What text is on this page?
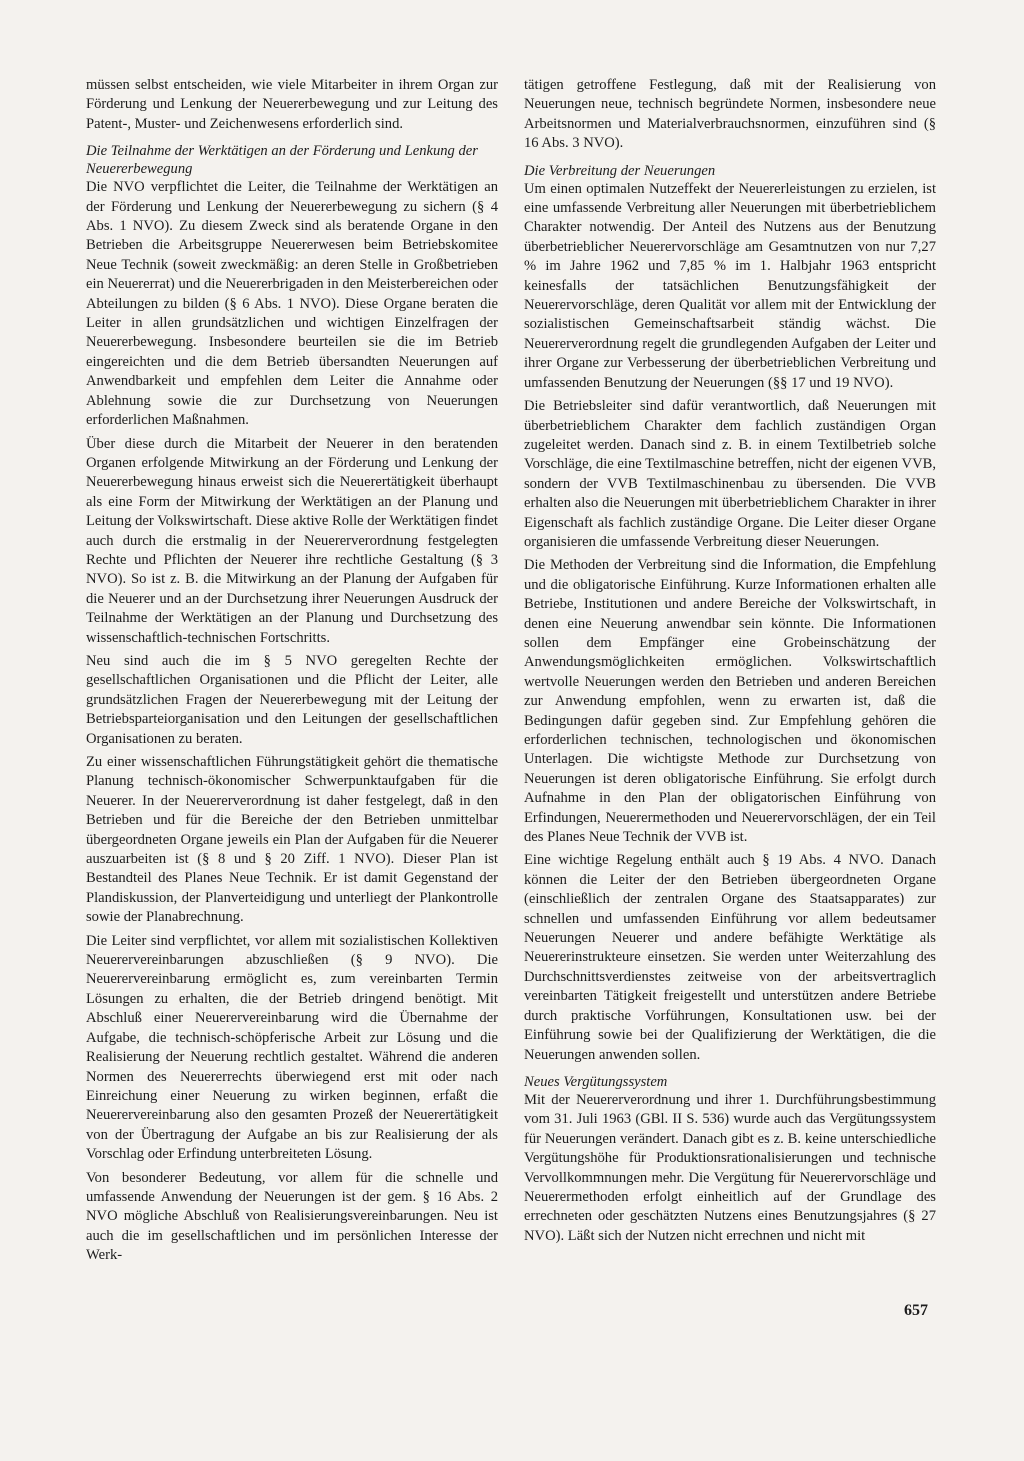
müssen selbst entscheiden, wie viele Mitarbeiter in ihrem Organ zur Förderung und Lenkung der Neuererbewegung und zur Leitung des Patent-, Muster- und Zeichenwesens erforderlich sind.

Die Teilnahme der Werktätigen an der Förderung und Lenkung der Neuererbewegung

Die NVO verpflichtet die Leiter, die Teilnahme der Werktätigen an der Förderung und Lenkung der Neuererbewegung zu sichern (§ 4 Abs. 1 NVO). Zu diesem Zweck sind als beratende Organe in den Betrieben die Arbeitsgruppe Neuererwesen beim Betriebskomitee Neue Technik (soweit zweckmäßig: an deren Stelle in Großbetrieben ein Neuererrat) und die Neuererbrigaden in den Meisterbereichen oder Abteilungen zu bilden (§ 6 Abs. 1 NVO). Diese Organe beraten die Leiter in allen grundsätzlichen und wichtigen Einzelfragen der Neuererbewegung. Insbesondere beurteilen sie die im Betrieb eingereichten und die dem Betrieb übersandten Neuerungen auf Anwendbarkeit und empfehlen dem Leiter die Annahme oder Ablehnung sowie die zur Durchsetzung von Neuerungen erforderlichen Maßnahmen.

Über diese durch die Mitarbeit der Neuerer in den beratenden Organen erfolgende Mitwirkung an der Förderung und Lenkung der Neuererbewegung hinaus erweist sich die Neuerertätigkeit überhaupt als eine Form der Mitwirkung der Werktätigen an der Planung und Leitung der Volkswirtschaft. Diese aktive Rolle der Werktätigen findet auch durch die erstmalig in der Neuererverordnung festgelegten Rechte und Pflichten der Neuerer ihre rechtliche Gestaltung (§ 3 NVO). So ist z. B. die Mitwirkung an der Planung der Aufgaben für die Neuerer und an der Durchsetzung ihrer Neuerungen Ausdruck der Teilnahme der Werktätigen an der Planung und Durchsetzung des wissenschaftlich-technischen Fortschritts.

Neu sind auch die im § 5 NVO geregelten Rechte der gesellschaftlichen Organisationen und die Pflicht der Leiter, alle grundsätzlichen Fragen der Neuererbewegung mit der Leitung der Betriebsparteiorganisation und den Leitungen der gesellschaftlichen Organisationen zu beraten.

Zu einer wissenschaftlichen Führungstätigkeit gehört die thematische Planung technisch-ökonomischer Schwerpunktaufgaben für die Neuerer. In der Neuererverordnung ist daher festgelegt, daß in den Betrieben und für die Bereiche der den Betrieben unmittelbar übergeordneten Organe jeweils ein Plan der Aufgaben für die Neuerer auszuarbeiten ist (§ 8 und § 20 Ziff. 1 NVO). Dieser Plan ist Bestandteil des Planes Neue Technik. Er ist damit Gegenstand der Plandiskussion, der Planverteidigung und unterliegt der Plankontrolle sowie der Planabrechnung.

Die Leiter sind verpflichtet, vor allem mit sozialistischen Kollektiven Neuerervereinbarungen abzuschließen (§ 9 NVO). Die Neuerervereinbarung ermöglicht es, zum vereinbarten Termin Lösungen zu erhalten, die der Betrieb dringend benötigt. Mit Abschluß einer Neuerervereinbarung wird die Übernahme der Aufgabe, die technisch-schöpferische Arbeit zur Lösung und die Realisierung der Neuerung rechtlich gestaltet. Während die anderen Normen des Neuererrechts überwiegend erst mit oder nach Einreichung einer Neuerung zu wirken beginnen, erfaßt die Neuerervereinbarung also den gesamten Prozeß der Neuerertätigkeit von der Übertragung der Aufgabe an bis zur Realisierung der als Vorschlag oder Erfindung unterbreiteten Lösung.

Von besonderer Bedeutung, vor allem für die schnelle und umfassende Anwendung der Neuerungen ist der gem. § 16 Abs. 2 NVO mögliche Abschluß von Realisierungsvereinbarungen. Neu ist auch die im gesellschaftlichen und im persönlichen Interesse der Werk-

tätigen getroffene Festlegung, daß mit der Realisierung von Neuerungen neue, technisch begründete Normen, insbesondere neue Arbeitsnormen und Materialverbrauchsnormen, einzuführen sind (§ 16 Abs. 3 NVO).

Die Verbreitung der Neuerungen

Um einen optimalen Nutzeffekt der Neuererleistungen zu erzielen, ist eine umfassende Verbreitung aller Neuerungen mit überbetrieblichem Charakter notwendig. Der Anteil des Nutzens aus der Benutzung überbetrieblicher Neuerervorschläge am Gesamtnutzen von nur 7,27 % im Jahre 1962 und 7,85 % im 1. Halbjahr 1963 entspricht keinesfalls der tatsächlichen Benutzungsfähigkeit der Neuerervorschläge, deren Qualität vor allem mit der Entwicklung der sozialistischen Gemeinschaftsarbeit ständig wächst. Die Neuererverordnung regelt die grundlegenden Aufgaben der Leiter und ihrer Organe zur Verbesserung der überbetrieblichen Verbreitung und umfassenden Benutzung der Neuerungen (§§ 17 und 19 NVO).

Die Betriebsleiter sind dafür verantwortlich, daß Neuerungen mit überbetrieblichem Charakter dem fachlich zuständigen Organ zugeleitet werden. Danach sind z. B. in einem Textilbetrieb solche Vorschläge, die eine Textilmaschine betreffen, nicht der eigenen VVB, sondern der VVB Textilmaschinenbau zu übersenden. Die VVB erhalten also die Neuerungen mit überbetrieblichem Charakter in ihrer Eigenschaft als fachlich zuständige Organe. Die Leiter dieser Organe organisieren die umfassende Verbreitung dieser Neuerungen.

Die Methoden der Verbreitung sind die Information, die Empfehlung und die obligatorische Einführung. Kurze Informationen erhalten alle Betriebe, Institutionen und andere Bereiche der Volkswirtschaft, in denen eine Neuerung anwendbar sein könnte. Die Informationen sollen dem Empfänger eine Grobeinschätzung der Anwendungsmöglichkeiten ermöglichen. Volkswirtschaftlich wertvolle Neuerungen werden den Betrieben und anderen Bereichen zur Anwendung empfohlen, wenn zu erwarten ist, daß die Bedingungen dafür gegeben sind. Zur Empfehlung gehören die erforderlichen technischen, technologischen und ökonomischen Unterlagen. Die wichtigste Methode zur Durchsetzung von Neuerungen ist deren obligatorische Einführung. Sie erfolgt durch Aufnahme in den Plan der obligatorischen Einführung von Erfindungen, Neuerermethoden und Neuerervorschlägen, der ein Teil des Planes Neue Technik der VVB ist.

Eine wichtige Regelung enthält auch § 19 Abs. 4 NVO. Danach können die Leiter der den Betrieben übergeordneten Organe (einschließlich der zentralen Organe des Staatsapparates) zur schnellen und umfassenden Einführung vor allem bedeutsamer Neuerungen Neuerer und andere befähigte Werktätige als Neuererinstrukteure einsetzen. Sie werden unter Weiterzahlung des Durchschnittsverdienstes zeitweise von der arbeitsvertraglich vereinbarten Tätigkeit freigestellt und unterstützen andere Betriebe durch praktische Vorführungen, Konsultationen usw. bei der Einführung sowie bei der Qualifizierung der Werktätigen, die die Neuerungen anwenden sollen.

Neues Vergütungssystem

Mit der Neuererverordnung und ihrer 1. Durchführungsbestimmung vom 31. Juli 1963 (GBl. II S. 536) wurde auch das Vergütungssystem für Neuerungen verändert. Danach gibt es z. B. keine unterschiedliche Vergütungshöhe für Produktionsrationalisierungen und technische Vervollkommnungen mehr. Die Vergütung für Neuerervorschläge und Neuerermethoden erfolgt einheitlich auf der Grundlage des errechneten oder geschätzten Nutzens eines Benutzungsjahres (§ 27 NVO). Läßt sich der Nutzen nicht errechnen und nicht mit

657
